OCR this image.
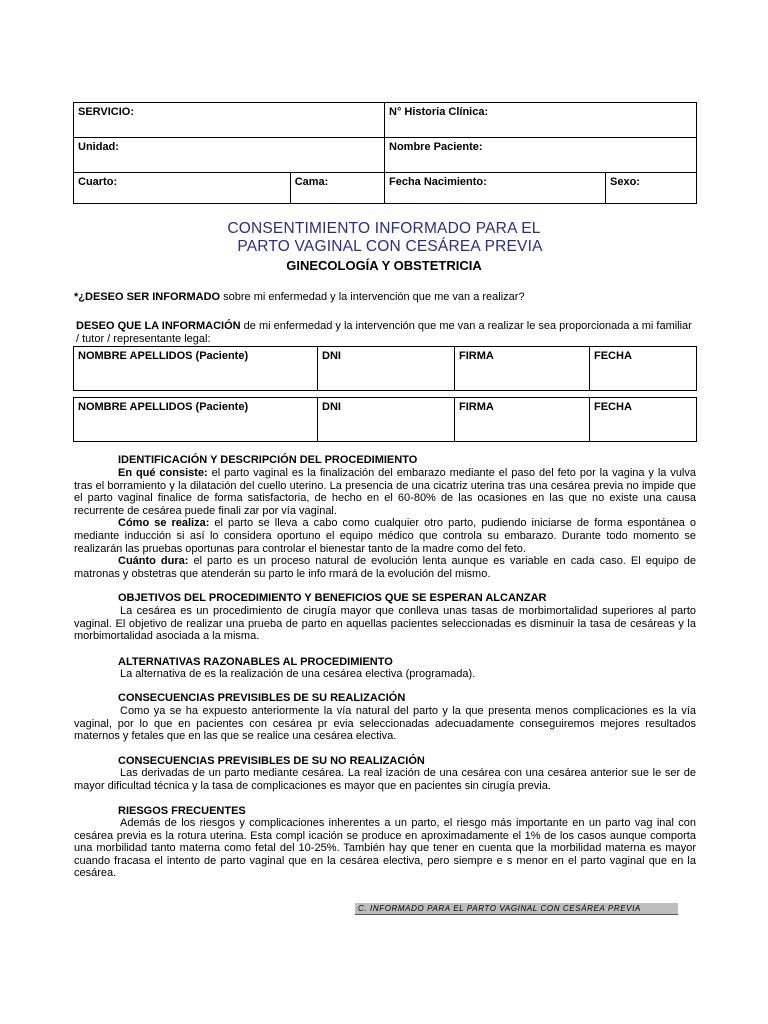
SERVICIO:		N° Historia Clínica:	
Unidad:		Nombre Paciente:	
Cuarto:	Cama:	Fecha Nacimiento:	Sexo:
CONSENTIMIENTO INFORMADO PARA EL
PARTO VAGINAL CON CESÁREA PREVIA
GINECOLOGÍA Y OBSTETRICIA
*¿DESEO SER INFORMADO sobre mi enfermedad y la intervención que me van a realizar?
DESEO QUE LA INFORMACIÓN de mi enfermedad y la intervención que me van a realizar le sea proporcionada a mi familiar / tutor / representante legal:
NOMBRE APELLIDOS (Paciente)	DNI	FIRMA	FECHA
NOMBRE APELLIDOS (Paciente)	DNI	FIRMA	FECHA
IDENTIFICACIÓN Y DESCRIPCIÓN DEL PROCEDIMIENTO
En qué consiste: el parto vaginal es la finalización del embarazo mediante el paso del feto por la vagina y la vulva tras el borramiento y la dilatación del cuello uterino. La presencia de una cicatriz uterina tras una cesárea previa no impide que el parto vaginal finalice de forma satisfactoria, de hecho en el 60-80% de las ocasiones en las que no existe una causa recurrente de cesárea puede finali zar por vía vaginal.
Cómo se realiza: el parto se lleva a cabo como cualquier otro parto, pudiendo iniciarse de forma espontánea o mediante inducción si así lo considera oportuno el equipo médico que controla su embarazo. Durante todo momento se realizarán las pruebas oportunas para controlar el bienestar tanto de la madre como del feto.
Cuánto dura: el parto es un proceso natural de evolución lenta aunque es variable en cada caso. El equipo de matronas y obstetras que atenderán su parto le info rmará de la evolución del mismo.
OBJETIVOS DEL PROCEDIMIENTO Y BENEFICIOS QUE SE ESPERAN ALCANZAR
La cesárea es un procedimiento de cirugía mayor que conlleva unas tasas de morbimortalidad superiores al parto vaginal. El objetivo de realizar una prueba de parto en aquellas pacientes seleccionadas es disminuir la tasa de cesáreas y la morbimortalidad asociada a la misma.
ALTERNATIVAS RAZONABLES AL PROCEDIMIENTO
La alternativa de es la realización de una cesárea electiva (programada).
CONSECUENCIAS PREVISIBLES DE SU REALIZACIÓN
Como ya se ha expuesto anteriormente la vía natural del parto y la que presenta menos complicaciones es la vía vaginal, por lo que en pacientes con cesárea pr evia seleccionadas adecuadamente conseguiremos mejores resultados maternos y fetales que en las que se realice una cesárea electiva.
CONSECUENCIAS PREVISIBLES DE SU NO REALIZACIÓN
Las derivadas de un parto mediante cesárea. La real ización de una cesárea con una cesárea anterior sue le ser de mayor dificultad técnica y la tasa de complicaciones es mayor que en pacientes sin cirugía previa.
RIESGOS FRECUENTES
Además de los riesgos y complicaciones inherentes a un parto, el riesgo más importante en un parto vag inal con cesárea previa es la rotura uterina. Esta compl icación se produce en aproximadamente el 1% de los casos aunque comporta una morbilidad tanto materna como fetal del 10-25%. También hay que tener en cuenta que la morbilidad materna es mayor cuando fracasa el intento de parto vaginal que en la cesárea electiva, pero siempre e s menor en el parto vaginal que en la cesárea.
C. INFORMADO PARA EL PARTO VAGINAL CON CESÁREA PREVIA
